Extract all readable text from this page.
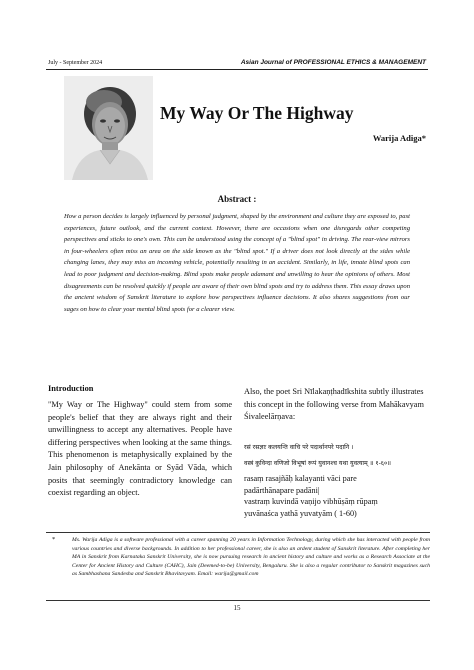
July - September 2024	Asian Journal of PROFESSIONAL ETHICS & MANAGEMENT
My Way Or The Highway
Warija Adiga*
Abstract :
How a person decides is largely influenced by personal judgment, shaped by the environment and culture they are exposed to, past experiences, future outlook, and the current context. However, there are occasions when one disregards other competing perspectives and sticks to one's own. This can be understood using the concept of a "blind spot" in driving. The rear-view mirrors in four-wheelers often miss an area on the side known as the "blind spot." If a driver does not look directly at the sides while changing lanes, they may miss an incoming vehicle, potentially resulting in an accident. Similarly, in life, innate blind spots can lead to poor judgment and decision-making. Blind spots make people adamant and unwilling to hear the opinions of others. Most disagreements can be resolved quickly if people are aware of their own blind spots and try to address them. This essay draws upon the ancient wisdom of Sanskrit literature to explore how perspectives influence decisions. It also shares suggestions from our sages on how to clear your mental blind spots for a clearer view.
Introduction
"My Way or The Highway" could stem from some people's belief that they are always right and their unwillingness to accept any alternatives. People have differing perspectives when looking at the same things. This phenomenon is metaphysically explained by the Jain philosophy of Anekānta or Syād Vāda, which posits that seemingly contradictory knowledge can coexist regarding an object.
Also, the poet Sri Nīlakaṇṭhadīkshita subtly illustrates this concept in the following verse from Mahākavyam Śivaleelārṇava:
रसं रसज्ञाः कलयन्ति वाचि परे पदार्थानपरे पदानि ।
वस्त्रं कुविन्दा वणिजो विभूषां रूपं युवानश्च यथा युवत्याम् ॥ १-६०॥
rasaṃ rasajñāḥ kalayanti vāci pare
padārthānapare padāni|
vastraṃ kuvindā vaṇijo vibhūṣāṃ rūpaṃ
yuvānaśca yathā yuvatyām ( 1-60)
*	Ms. Warija Adiga is a software professional with a career spanning 20 years in Information Technology, during which she has interacted with people from various countries and diverse backgrounds. In addition to her professional career, she is also an ardent student of Sanskrit literature. After completing her MA in Sanskrit from Karnataka Sanskrit University, she is now pursuing research in ancient history and culture and works as a Research Associate at the Center for Ancient History and Culture (CAHC), Jain (Deemed-to-be) University, Bengaluru. She is also a regular contributor to Sanskrit magazines such as Sambhashana Sandesha and Sanskrit Bhavitavyam. Email: warija@gmail.com
15
